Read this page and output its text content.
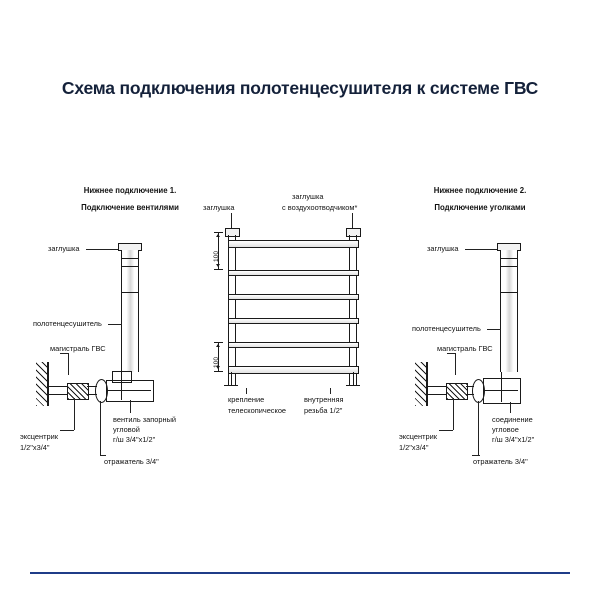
Схема подключения полотенцесушителя к системе ГВС
Нижнее подключение 1.
Подключение вентилями
заглушка
полотенцесушитель
магистраль ГВС
эксцентрик
1/2"x3/4"
отражатель 3/4"
вентиль запорный
угловой
г/ш 3/4"x1/2"
заглушка
заглушка
с воздухоотводчиком*
100
100
крепление
телескопическое
внутренняя
резьба 1/2"
Нижнее подключение 2.
Подключение уголками
заглушка
полотенцесушитель
магистраль ГВС
эксцентрик
1/2"x3/4"
отражатель 3/4"
соединение
угловое
г/ш 3/4"x1/2"
